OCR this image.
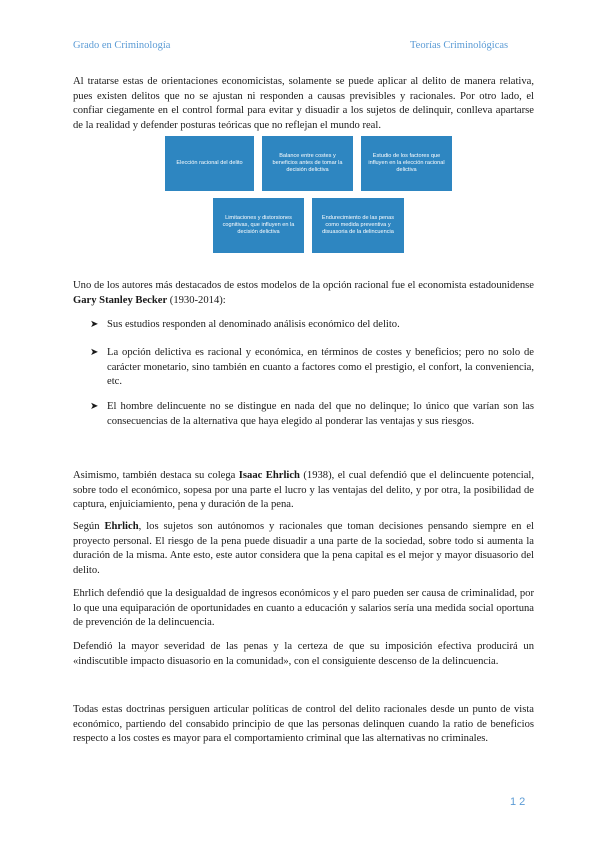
Grado en Criminología	Teorías Criminológicas
Al tratarse estas de orientaciones economicistas, solamente se puede aplicar al delito de manera relativa, pues existen delitos que no se ajustan ni responden a causas previsibles y racionales. Por otro lado, el confiar ciegamente en el control formal para evitar y disuadir a los sujetos de delinquir, conlleva apartarse de la realidad y defender posturas teóricas que no reflejan el mundo real.
Elección racional del delito
Balance entre costes y beneficios antes de tomar la decisión delictiva
Estudio de los factores que influyen en la elección racional delictiva
Limitaciones y distorsiones cognitivas, que influyen en la decisión delictiva
Endurecimiento de las penas como medida preventiva y disuasoria de la delincuencia
Uno de los autores más destacados de estos modelos de la opción racional fue el economista estadounidense Gary Stanley Becker (1930-2014):
➤ Sus estudios responden al denominado análisis económico del delito.
➤ La opción delictiva es racional y económica, en términos de costes y beneficios; pero no solo de carácter monetario, sino también en cuanto a factores como el prestigio, el confort, la conveniencia, etc.
➤ El hombre delincuente no se distingue en nada del que no delinque; lo único que varían son las consecuencias de la alternativa que haya elegido al ponderar las ventajas y sus riesgos.
Asimismo, también destaca su colega Isaac Ehrlich (1938), el cual defendió que el delincuente potencial, sobre todo el económico, sopesa por una parte el lucro y las ventajas del delito, y por otra, la posibilidad de captura, enjuiciamiento, pena y duración de la pena.
Según Ehrlich, los sujetos son autónomos y racionales que toman decisiones pensando siempre en el proyecto personal. El riesgo de la pena puede disuadir a una parte de la sociedad, sobre todo si aumenta la duración de la misma. Ante esto, este autor considera que la pena capital es el mejor y mayor disuasorio del delito.
Ehrlich defendió que la desigualdad de ingresos económicos y el paro pueden ser causa de criminalidad, por lo que una equiparación de oportunidades en cuanto a educación y salarios sería una medida social oportuna de prevención de la delincuencia.
Defendió la mayor severidad de las penas y la certeza de que su imposición efectiva producirá un «indiscutible impacto disuasorio en la comunidad», con el consiguiente descenso de la delincuencia.
Todas estas doctrinas persiguen articular políticas de control del delito racionales desde un punto de vista económico, partiendo del consabido principio de que las personas delinquen cuando la ratio de beneficios respecto a los costes es mayor para el comportamiento criminal que las alternativas no criminales.
1 2
